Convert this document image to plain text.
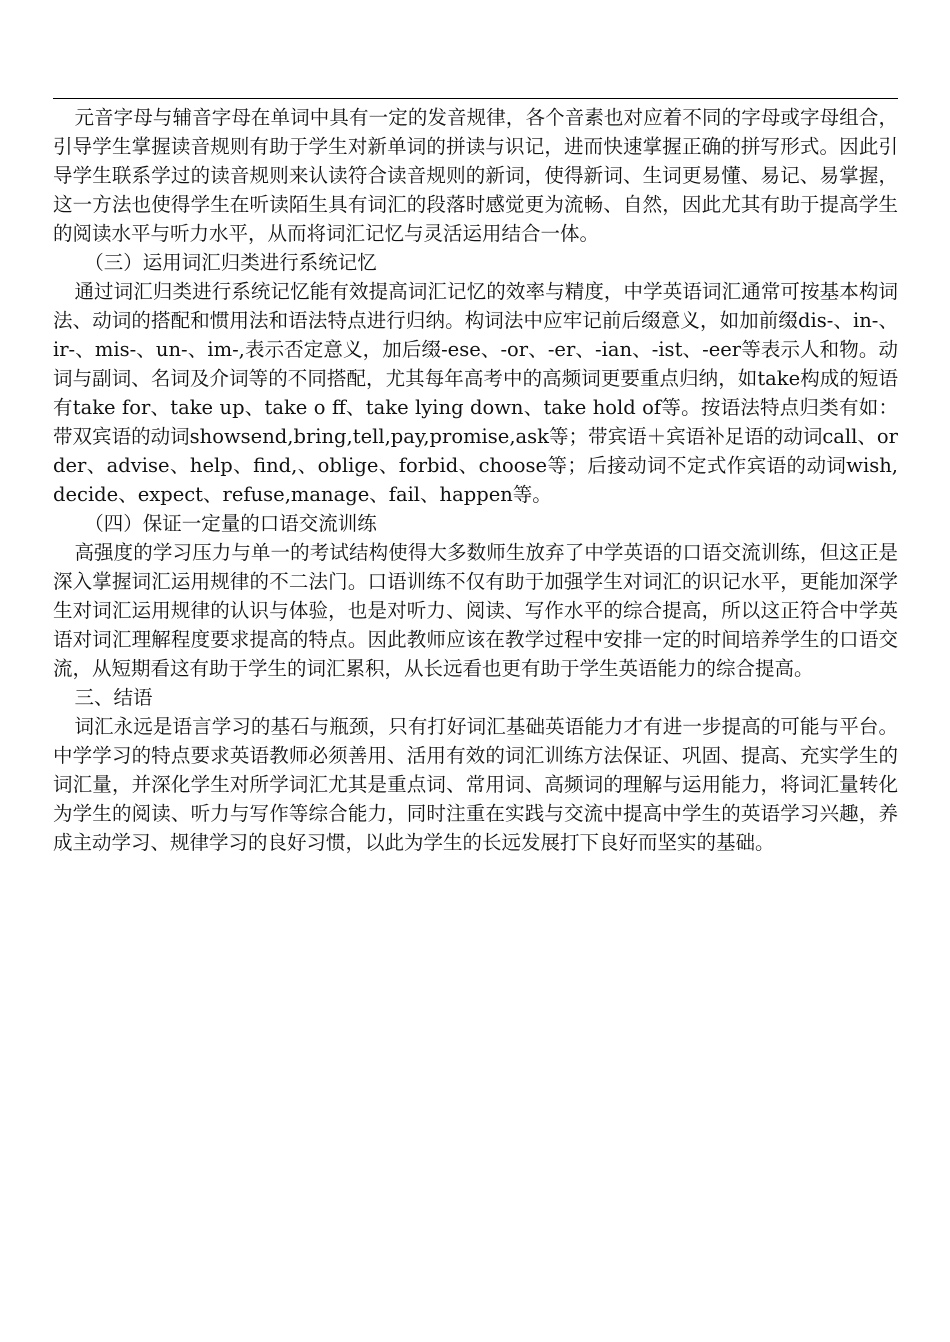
元音字母与辅音字母在单词中具有一定的发音规律，各个音素也对应着不同的字母或字母组合，引导学生掌握读音规则有助于学生对新单词的拼读与识记，进而快速掌握正确的拼写形式。因此引导学生联系学过的读音规则来认读符合读音规则的新词，使得新词、生词更易懂、易记、易掌握，这一方法也使得学生在听读陌生具有词汇的段落时感觉更为流畅、自然，因此尤其有助于提高学生的阅读水平与听力水平，从而将词汇记忆与灵活运用结合一体。

（三）运用词汇归类进行系统记忆

通过词汇归类进行系统记忆能有效提高词汇记忆的效率与精度，中学英语词汇通常可按基本构词法、动词的搭配和惯用法和语法特点进行归纳。构词法中应牢记前后缀意义，如加前缀dis-、in-、ir-、mis-、un-、im-,表示否定意义，加后缀-ese、-or、-er、-ian、-ist、-eer等表示人和物。动词与副词、名词及介词等的不同搭配，尤其每年高考中的高频词更要重点归纳，如take构成的短语有take for、take up、take o ff、take lying down、take hold of等。按语法特点归类有如：带双宾语的动词showsend,bring,tell,pay,promise,ask等；带宾语＋宾语补足语的动词call、order、advise、help、find,、oblige、forbid、choose等；后接动词不定式作宾语的动词wish,decide、expect、refuse,manage、fail、happen等。

（四）保证一定量的口语交流训练

高强度的学习压力与单一的考试结构使得大多数师生放弃了中学英语的口语交流训练，但这正是深入掌握词汇运用规律的不二法门。口语训练不仅有助于加强学生对词汇的识记水平，更能加深学生对词汇运用规律的认识与体验，也是对听力、阅读、写作水平的综合提高，所以这正符合中学英语对词汇理解程度要求提高的特点。因此教师应该在教学过程中安排一定的时间培养学生的口语交流，从短期看这有助于学生的词汇累积，从长远看也更有助于学生英语能力的综合提高。

三、结语

词汇永远是语言学习的基石与瓶颈，只有打好词汇基础英语能力才有进一步提高的可能与平台。中学学习的特点要求英语教师必须善用、活用有效的词汇训练方法保证、巩固、提高、充实学生的词汇量，并深化学生对所学词汇尤其是重点词、常用词、高频词的理解与运用能力，将词汇量转化为学生的阅读、听力与写作等综合能力，同时注重在实践与交流中提高中学生的英语学习兴趣，养成主动学习、规律学习的良好习惯，以此为学生的长远发展打下良好而坚实的基础。
